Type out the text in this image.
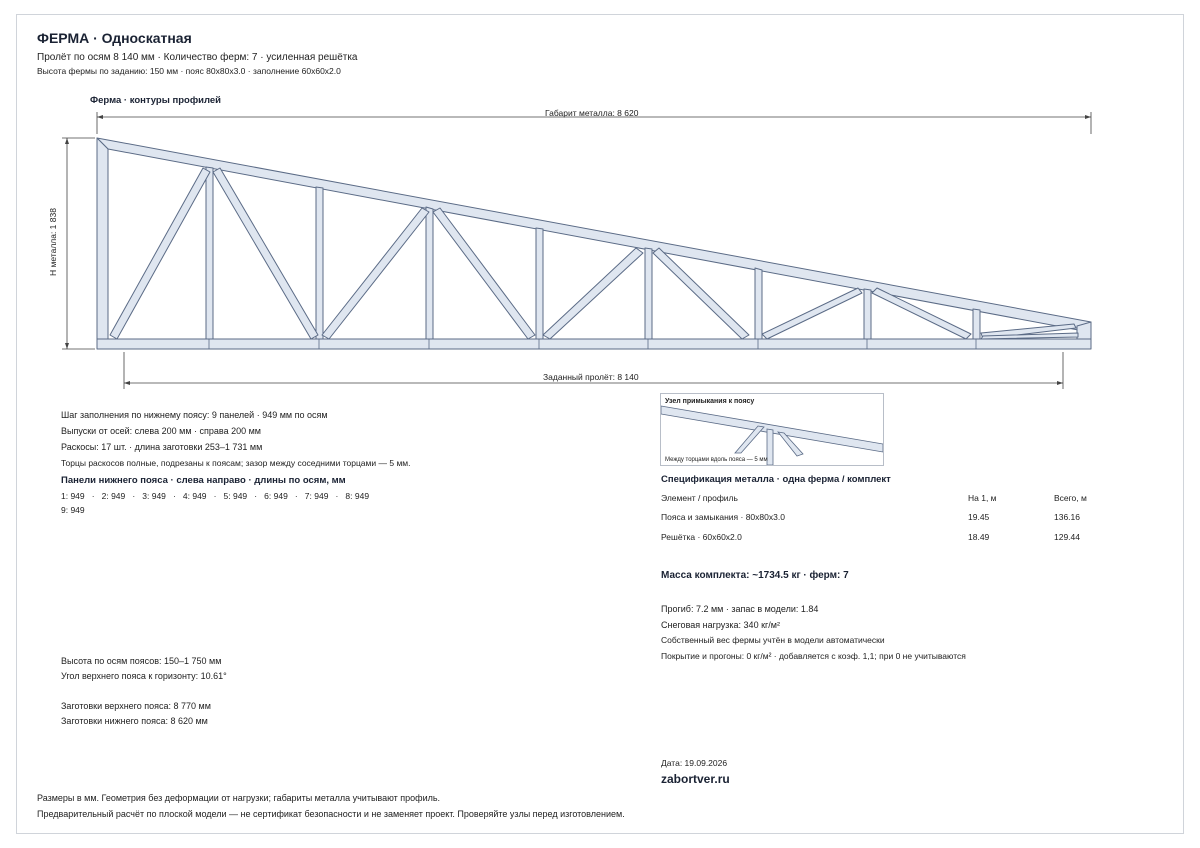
ФЕРМА · Односкатная
Пролёт по осям 8 140 мм · Количество ферм: 7 · усиленная решётка
Высота фермы по заданию: 150 мм · пояс 80x80x3.0 · заполнение 60x60x2.0
Ферма · контуры профилей
Габарит металла: 8 620
Н металла: 1 838
Заданный пролёт: 8 140
Шаг заполнения по нижнему поясу: 9 панелей · 949 мм по осям
Выпуски от осей: слева 200 мм · справа 200 мм
Раскосы: 17 шт. · длина заготовки 253–1 731 мм
Торцы раскосов полные, подрезаны к поясам; зазор между соседними торцами — 5 мм.
Панели нижнего пояса · слева направо · длины по осям, мм
1: 949   ·   2: 949   ·   3: 949   ·   4: 949   ·   5: 949   ·   6: 949   ·   7: 949   ·   8: 949
9: 949
Высота по осям поясов: 150–1 750 мм
Угол верхнего пояса к горизонту: 10.61°
Заготовки верхнего пояса: 8 770 мм
Заготовки нижнего пояса: 8 620 мм
Узел примыкания к поясу
Между торцами вдоль пояса — 5 мм
Спецификация металла · одна ферма / комплект
Элемент / профиль	На 1, м	Всего, м
Пояса и замыкания · 80x80x3.0	19.45	136.16
Решётка · 60x60x2.0	18.49	129.44
Масса комплекта: ~1734.5 кг · ферм: 7
Прогиб: 7.2 мм · запас в модели: 1.84
Снеговая нагрузка: 340 кг/м²
Собственный вес фермы учтён в модели автоматически
Покрытие и прогоны: 0 кг/м² · добавляется с коэф. 1,1; при 0 не учитываются
Дата: 19.09.2026
zabortver.ru
Размеры в мм. Геометрия без деформации от нагрузки; габариты металла учитывают профиль.
Предварительный расчёт по плоской модели — не сертификат безопасности и не заменяет проект. Проверяйте узлы перед изготовлением.
